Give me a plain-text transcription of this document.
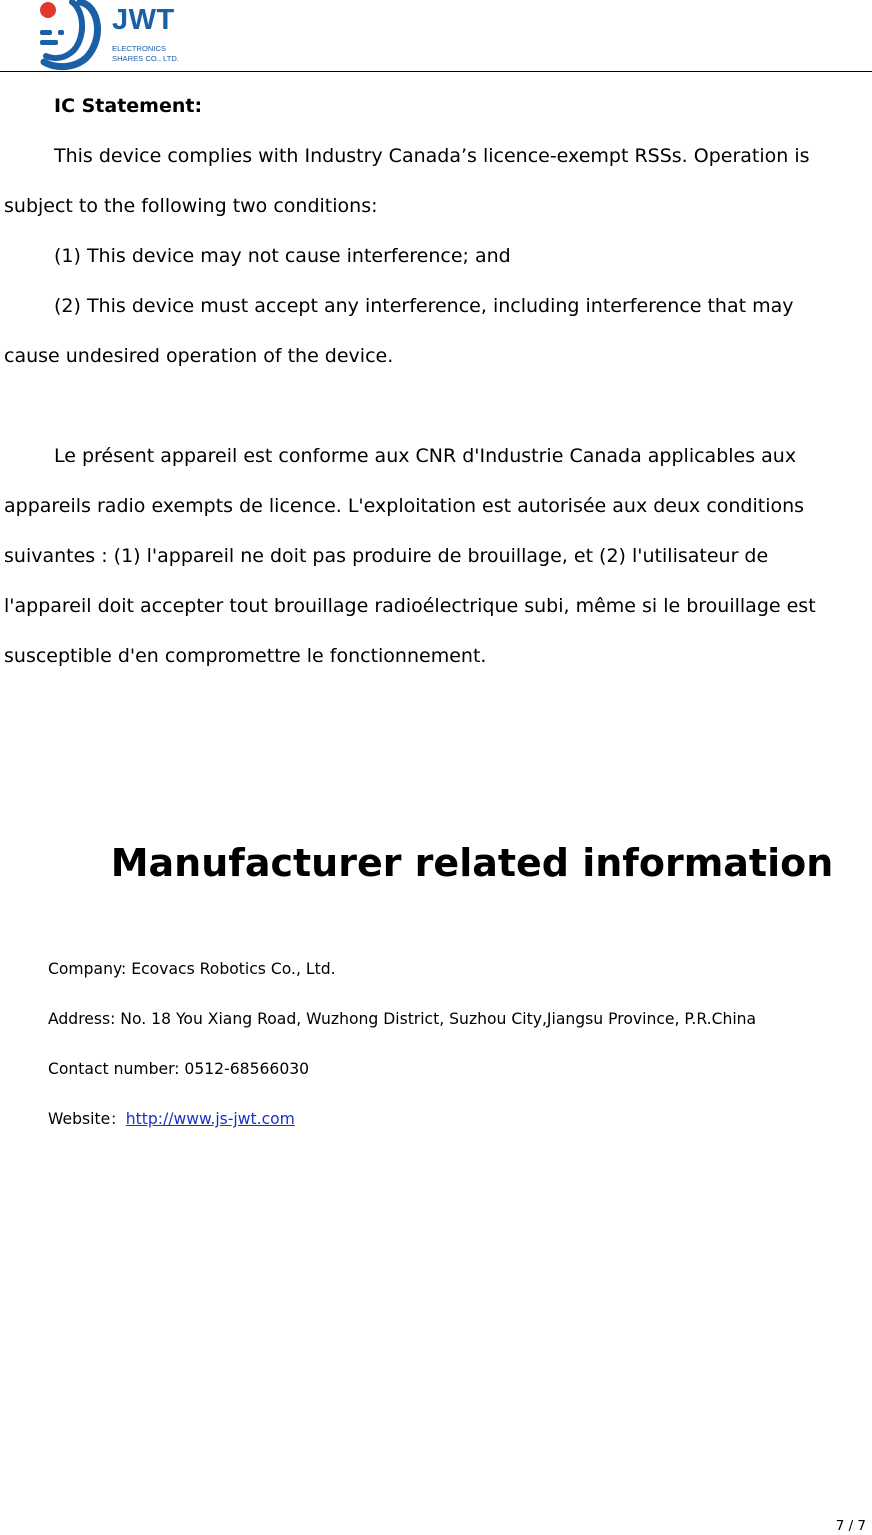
JWT
ELECTRONICS
SHARES CO., LTD.
IC Statement:
This device complies with Industry Canada’s licence-exempt RSSs. Operation is
subject to the following two conditions:
(1) This device may not cause interference; and
(2) This device must accept any interference, including interference that may
cause undesired operation of the device.
Le présent appareil est conforme aux CNR d'Industrie Canada applicables aux
appareils radio exempts de licence. L'exploitation est autorisée aux deux conditions
suivantes : (1) l'appareil ne doit pas produire de brouillage, et (2) l'utilisateur de
l'appareil doit accepter tout brouillage radioélectrique subi, même si le brouillage est
susceptible d'en compromettre le fonctionnement.
Manufacturer related information
Company: Ecovacs Robotics Co., Ltd.
Address: No. 18 You Xiang Road, Wuzhong District, Suzhou City,Jiangsu Province, P.R.China
Contact number: 0512-68566030
Website：http://www.js-jwt.com
7 / 7
